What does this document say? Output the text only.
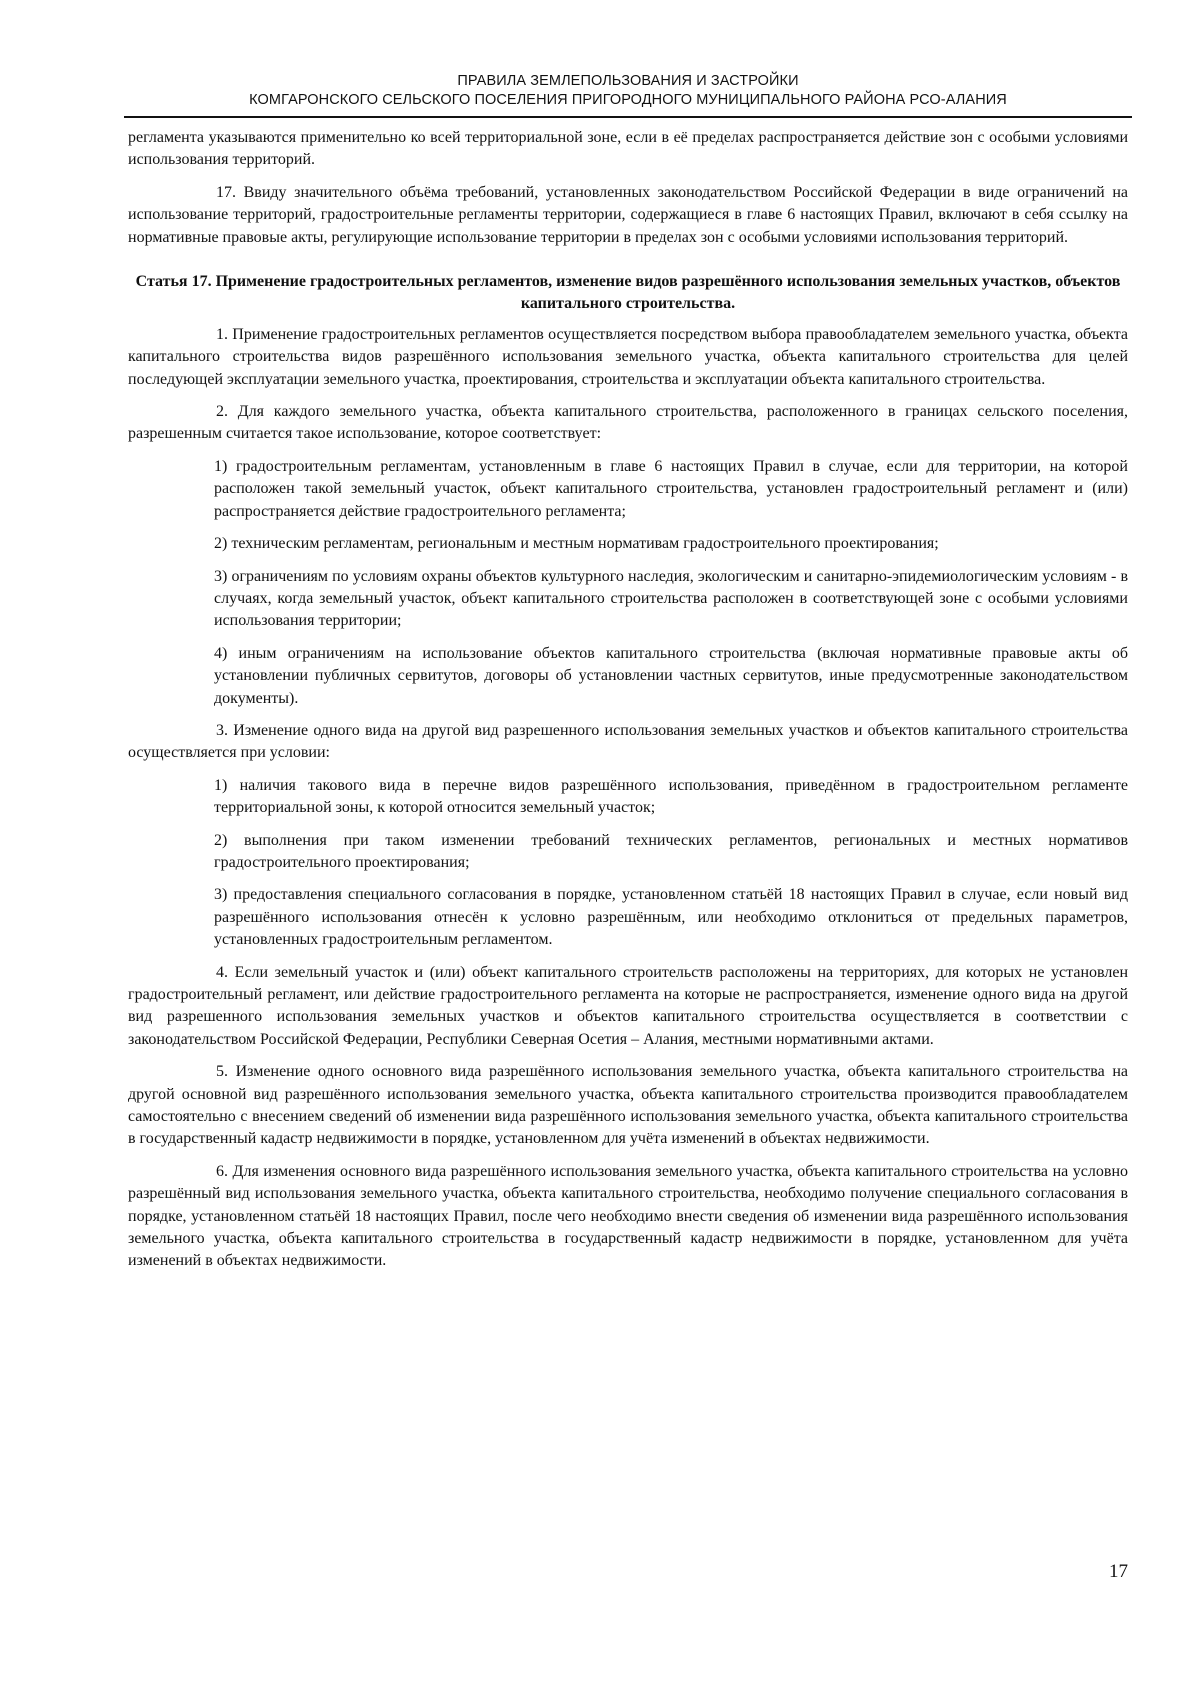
ПРАВИЛА ЗЕМЛЕПОЛЬЗОВАНИЯ И ЗАСТРОЙКИ
КОМГАРОНСКОГО СЕЛЬСКОГО ПОСЕЛЕНИЯ ПРИГОРОДНОГО МУНИЦИПАЛЬНОГО РАЙОНА РСО-АЛАНИЯ

регламента указываются применительно ко всей территориальной зоне, если в её пределах распространяется действие зон с особыми условиями использования территорий.

17. Ввиду значительного объёма требований, установленных законодательством Российской Федерации в виде ограничений на использование территорий, градостроительные регламенты территории, содержащиеся в главе 6 настоящих Правил, включают в себя ссылку на нормативные правовые акты, регулирующие использование территории в пределах зон с особыми условиями использования территорий.

Статья 17. Применение градостроительных регламентов, изменение видов разрешённого использования земельных участков, объектов капитального строительства.

1. Применение градостроительных регламентов осуществляется посредством выбора правообладателем земельного участка, объекта капитального строительства видов разрешённого использования земельного участка, объекта капитального строительства для целей последующей эксплуатации земельного участка, проектирования, строительства и эксплуатации объекта капитального строительства.

2. Для каждого земельного участка, объекта капитального строительства, расположенного в границах сельского поселения, разрешенным считается такое использование, которое соответствует:

1) градостроительным регламентам, установленным в главе 6 настоящих Правил в случае, если для территории, на которой расположен такой земельный участок, объект капитального строительства, установлен градостроительный регламент и (или) распространяется действие градостроительного регламента;

2) техническим регламентам, региональным и местным нормативам градостроительного проектирования;

3) ограничениям по условиям охраны объектов культурного наследия, экологическим и санитарно-эпидемиологическим условиям - в случаях, когда земельный участок, объект капитального строительства расположен в соответствующей зоне с особыми условиями использования территории;

4) иным ограничениям на использование объектов капитального строительства (включая нормативные правовые акты об установлении публичных сервитутов, договоры об установлении частных сервитутов, иные предусмотренные законодательством документы).

3. Изменение одного вида на другой вид разрешенного использования земельных участков и объектов капитального строительства осуществляется при условии:

1) наличия такового вида в перечне видов разрешённого использования, приведённом в градостроительном регламенте территориальной зоны, к которой относится земельный участок;

2) выполнения при таком изменении требований технических регламентов, региональных и местных нормативов градостроительного проектирования;

3) предоставления специального согласования в порядке, установленном статьёй 18 настоящих Правил в случае, если новый вид разрешённого использования отнесён к условно разрешённым, или необходимо отклониться от предельных параметров, установленных градостроительным регламентом.

4. Если земельный участок и (или) объект капитального строительств расположены на территориях, для которых не установлен градостроительный регламент, или действие градостроительного регламента на которые не распространяется, изменение одного вида на другой вид разрешенного использования земельных участков и объектов капитального строительства осуществляется в соответствии с законодательством Российской Федерации, Республики Северная Осетия – Алания, местными нормативными актами.

5. Изменение одного основного вида разрешённого использования земельного участка, объекта капитального строительства на другой основной вид разрешённого использования земельного участка, объекта капитального строительства производится правообладателем самостоятельно с внесением сведений об изменении вида разрешённого использования земельного участка, объекта капитального строительства в государственный кадастр недвижимости в порядке, установленном для учёта изменений в объектах недвижимости.

6. Для изменения основного вида разрешённого использования земельного участка, объекта капитального строительства на условно разрешённый вид использования земельного участка, объекта капитального строительства, необходимо получение специального согласования в порядке, установленном статьёй 18 настоящих Правил, после чего необходимо внести сведения об изменении вида разрешённого использования земельного участка, объекта капитального строительства в государственный кадастр недвижимости в порядке, установленном для учёта изменений в объектах недвижимости.

17
